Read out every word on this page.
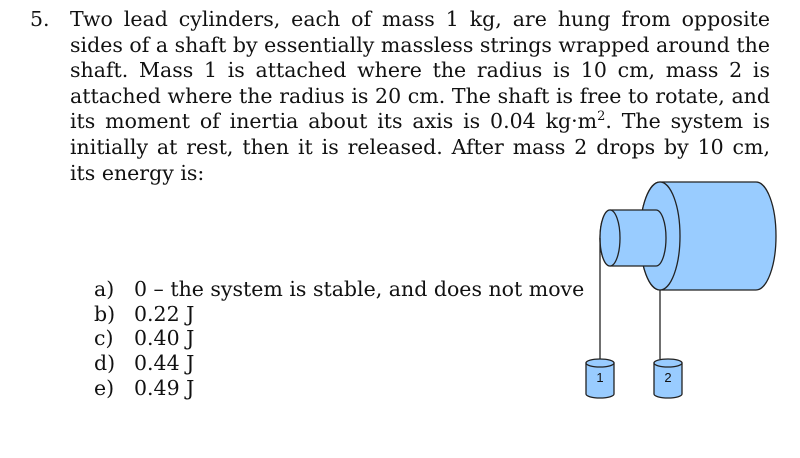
5. Two lead cylinders, each of mass 1 kg, are hung from opposite sides of a shaft by essentially massless strings wrapped around the shaft. Mass 1 is attached where the radius is 10 cm, mass 2 is attached where the radius is 20 cm. The shaft is free to rotate, and its moment of inertia about its axis is 0.04 $kg\cdot m^2$. The system is initially at rest, then it is released. After mass 2 drops by 10 cm, its energy is:
a) 0 – the system is stable, and does not move
b) 0.22 J
c)	0.40 J
d) 0.44 J
e) 0.49 J	1	2
